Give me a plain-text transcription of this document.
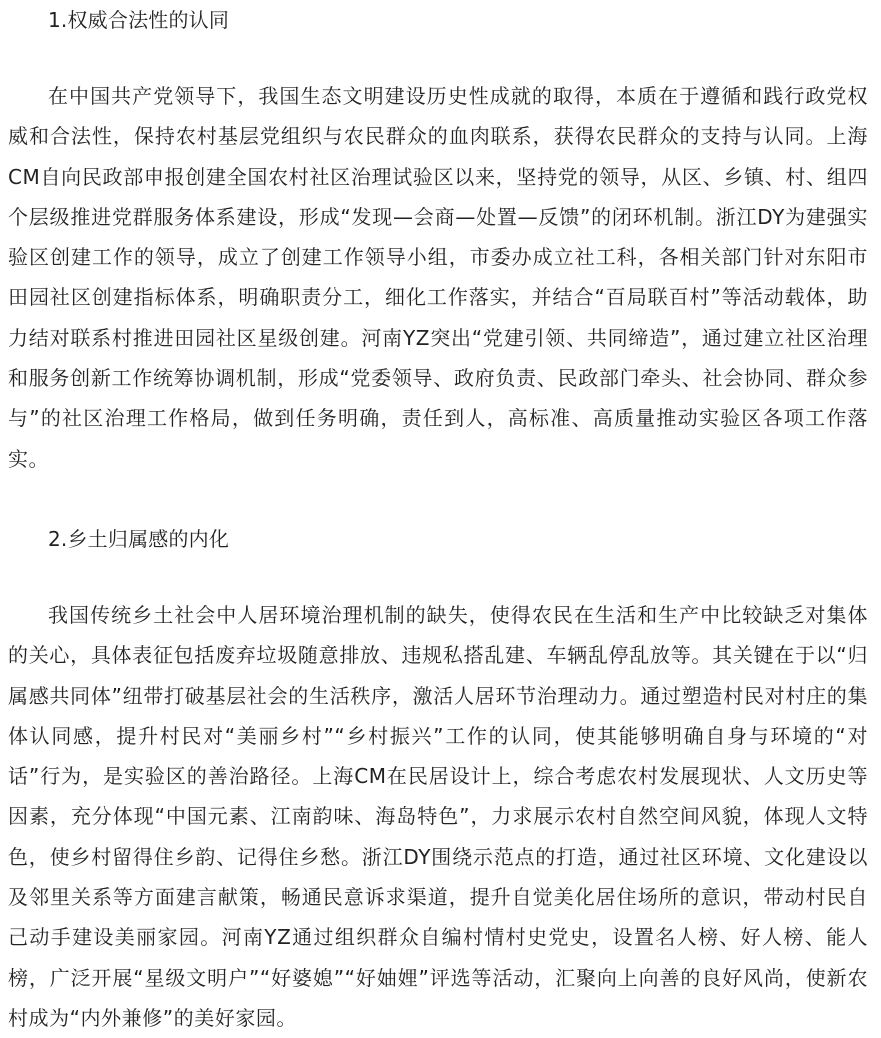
1.权威合法性的认同

在中国共产党领导下，我国生态文明建设历史性成就的取得，本质在于遵循和践行政党权威和合法性，保持农村基层党组织与农民群众的血肉联系，获得农民群众的支持与认同。上海CM自向民政部申报创建全国农村社区治理试验区以来，坚持党的领导，从区、乡镇、村、组四个层级推进党群服务体系建设，形成“发现—会商—处置—反馈”的闭环机制。浙江DY为建强实验区创建工作的领导，成立了创建工作领导小组，市委办成立社工科，各相关部门针对东阳市田园社区创建指标体系，明确职责分工，细化工作落实，并结合“百局联百村”等活动载体，助力结对联系村推进田园社区星级创建。河南YZ突出“党建引领、共同缔造”，通过建立社区治理和服务创新工作统筹协调机制，形成“党委领导、政府负责、民政部门牵头、社会协同、群众参与”的社区治理工作格局，做到任务明确，责任到人，高标准、高质量推动实验区各项工作落实。

2.乡土归属感的内化

我国传统乡土社会中人居环境治理机制的缺失，使得农民在生活和生产中比较缺乏对集体的关心，具体表征包括废弃垃圾随意排放、违规私搭乱建、车辆乱停乱放等。其关键在于以“归属感共同体”纽带打破基层社会的生活秩序，激活人居环节治理动力。通过塑造村民对村庄的集体认同感，提升村民对“美丽乡村”“乡村振兴”工作的认同，使其能够明确自身与环境的“对话”行为，是实验区的善治路径。上海CM在民居设计上，综合考虑农村发展现状、人文历史等因素，充分体现“中国元素、江南韵味、海岛特色”，力求展示农村自然空间风貌，体现人文特色，使乡村留得住乡韵、记得住乡愁。浙江DY围绕示范点的打造，通过社区环境、文化建设以及邻里关系等方面建言献策，畅通民意诉求渠道，提升自觉美化居住场所的意识，带动村民自己动手建设美丽家园。河南YZ通过组织群众自编村情村史党史，设置名人榜、好人榜、能人榜，广泛开展“星级文明户”“好婆媳”“好妯娌”评选等活动，汇聚向上向善的良好风尚，使新农村成为“内外兼修”的美好家园。
